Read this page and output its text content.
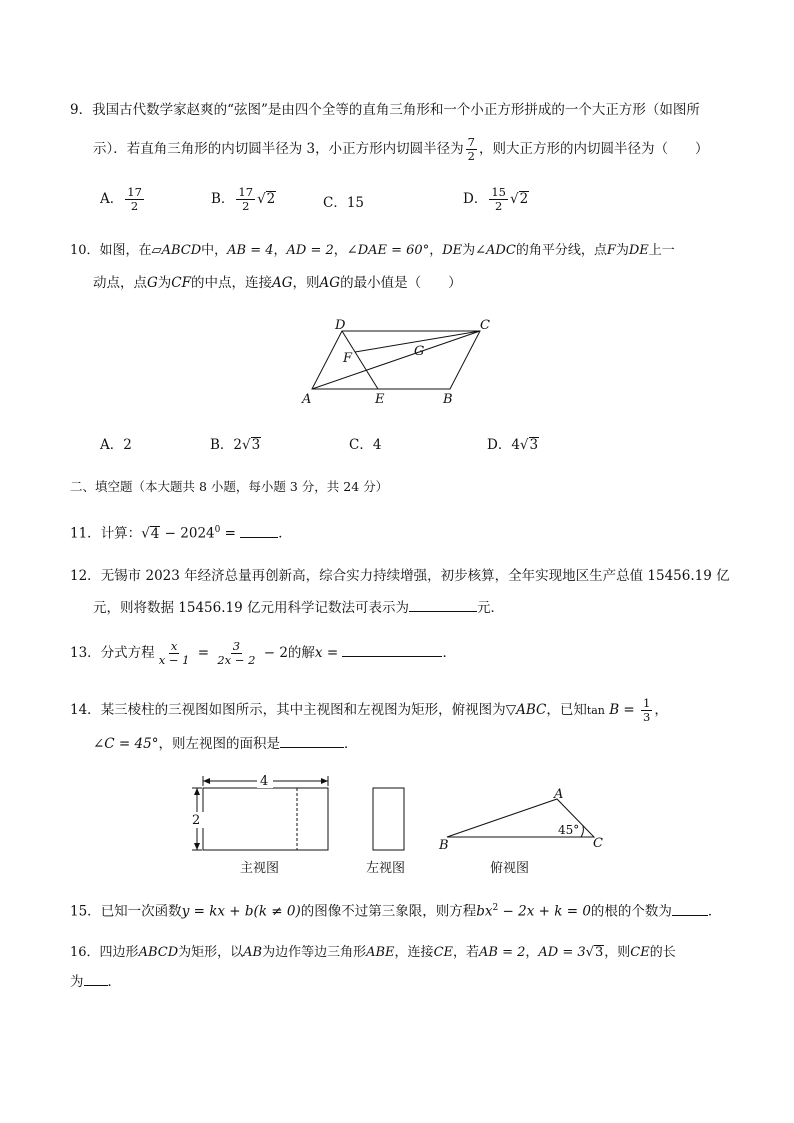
9．我国古代数学家赵爽的“弦图”是由四个全等的直角三角形和一个小正方形拼成的一个大正方形（如图所
示）．若直角三角形的内切圆半径为 3，小正方形内切圆半径为 $\frac{7}{2}$ ，则大正方形的内切圆半径为（　　）
A． $\frac{17}{2}$	B． $\frac{17}{2} √2$	C．15	D． $\frac{15}{2} √2$
10．如图，在▱ABCD中，AB = 4，AD = 2，∠DAE = 60°，DE为∠ADC的角平分线，点F为DE上一
动点，点G为CF的中点，连接AG，则AG的最小值是（　　）
D	C
F	G
A	E	B
A．2	B．2√3	C．4	D．4√3
二、填空题（本大题共 8 小题，每小题 3 分，共 24 分）
11．计算：$√4 - 2024^0$ =	．
12．无锡市 2023 年经济总量再创新高，综合实力持续增强，初步核算，全年实现地区生产总值 15456.19 亿
元，则将数据 15456.19 亿元用科学记数法可表示为	元．
13．分式方程 $\frac{x}{x - 1} = \frac{3}{2x - 2} - 2$的解x =	．
14．某三棱柱的三视图如图所示，其中主视图和左视图为矩形，俯视图为▽ABC，已知$\tan B = \frac{1}{3}$ ，
∠C = 45°，则左视图的面积是	．
4
2
A
B	C
45°
主视图	左视图	俯视图
15．已知一次函数y = kx + b(k ≠ 0)的图像不过第三象限，则方程$bx^2 - 2x + k = 0$的根的个数为	．
16．四边形ABCD为矩形，以AB为边作等边三角形ABE，连接CE，若AB = 2，AD = 3√3，则CE的长
为 ．
